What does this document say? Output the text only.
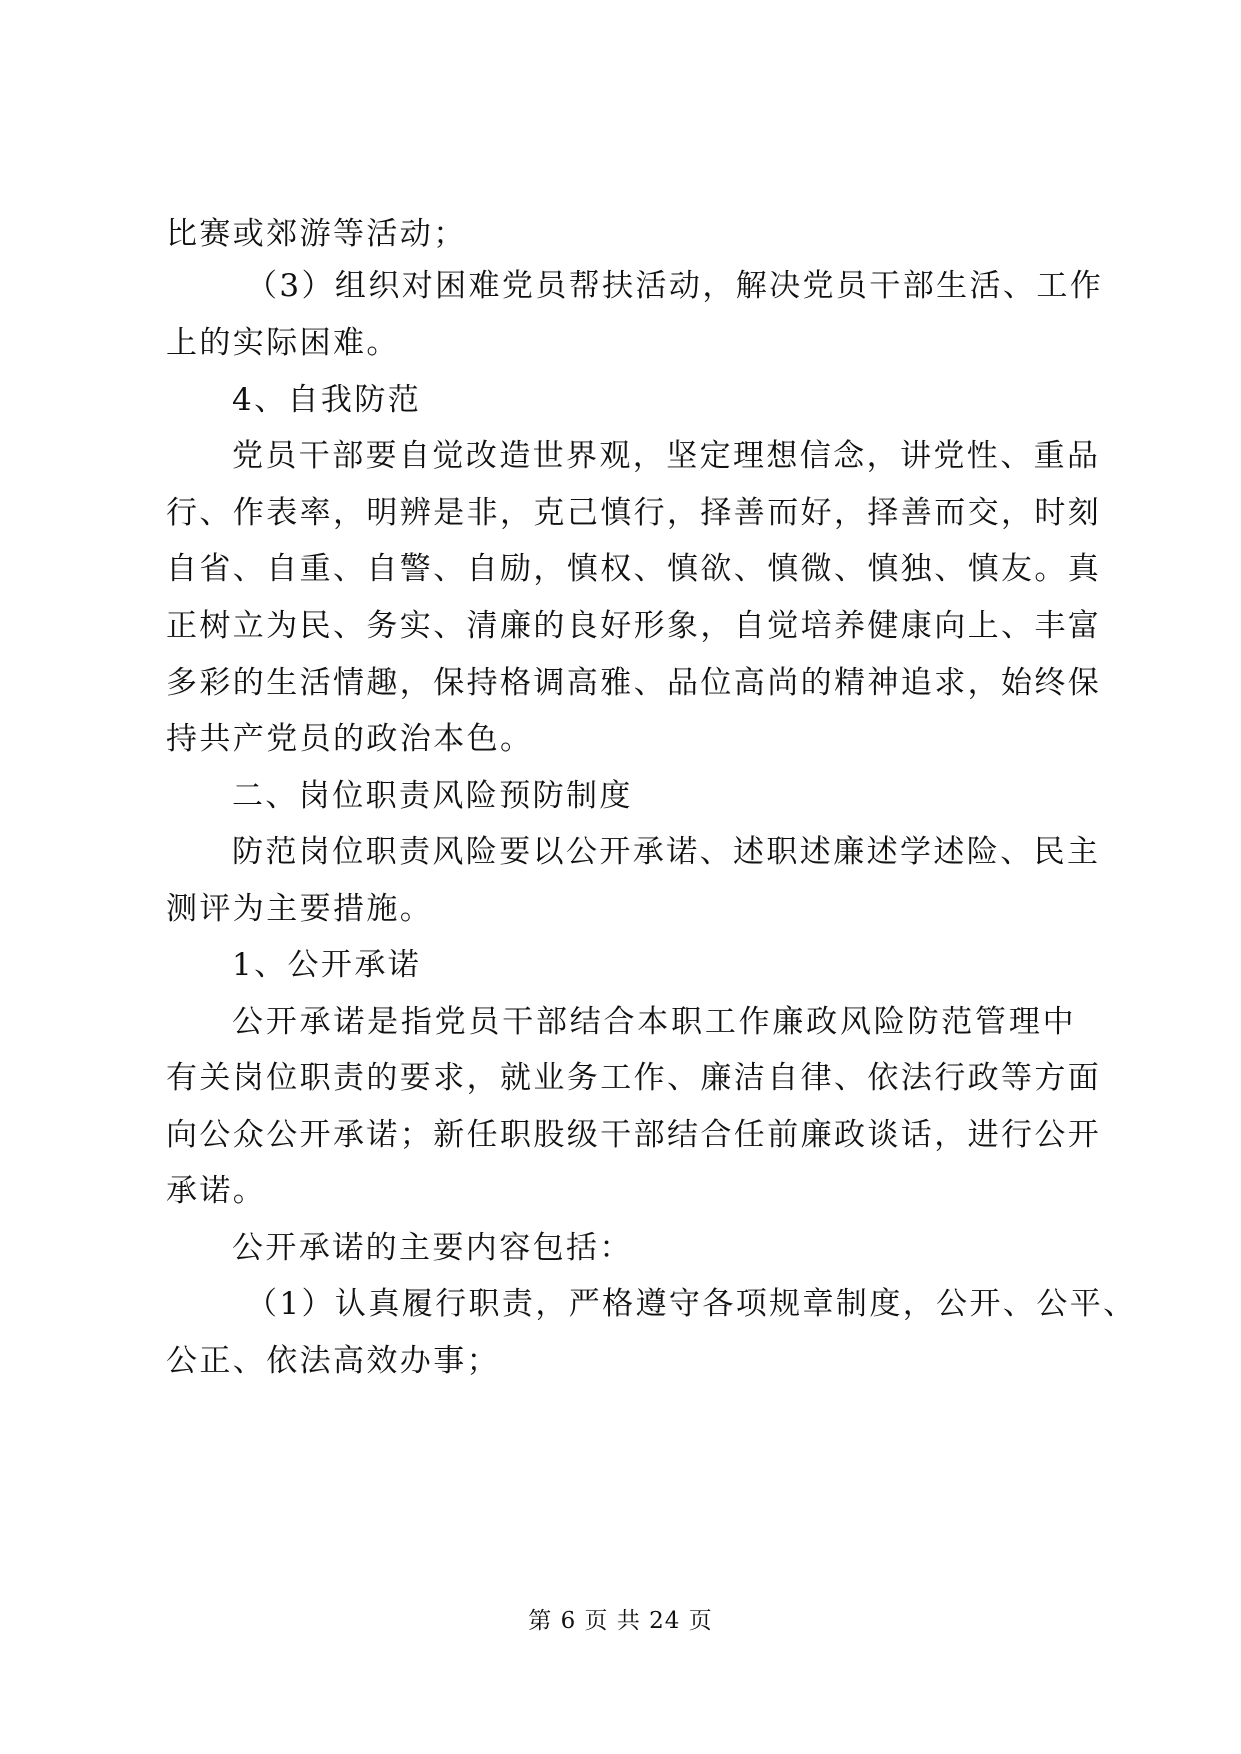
比赛或郊游等活动；
（3）组织对困难党员帮扶活动，解决党员干部生活、工作
上的实际困难。
4、自我防范
党员干部要自觉改造世界观，坚定理想信念，讲党性、重品
行、作表率，明辨是非，克己慎行，择善而好，择善而交，时刻
自省、自重、自警、自励，慎权、慎欲、慎微、慎独、慎友。真
正树立为民、务实、清廉的良好形象，自觉培养健康向上、丰富
多彩的生活情趣，保持格调高雅、品位高尚的精神追求，始终保
持共产党员的政治本色。
二、岗位职责风险预防制度
防范岗位职责风险要以公开承诺、述职述廉述学述险、民主
测评为主要措施。
1、公开承诺
公开承诺是指党员干部结合本职工作廉政风险防范管理中
有关岗位职责的要求，就业务工作、廉洁自律、依法行政等方面
向公众公开承诺；新任职股级干部结合任前廉政谈话，进行公开
承诺。
公开承诺的主要内容包括：
（1）认真履行职责，严格遵守各项规章制度，公开、公平、
公正、依法高效办事；
第 6 页 共 24 页
